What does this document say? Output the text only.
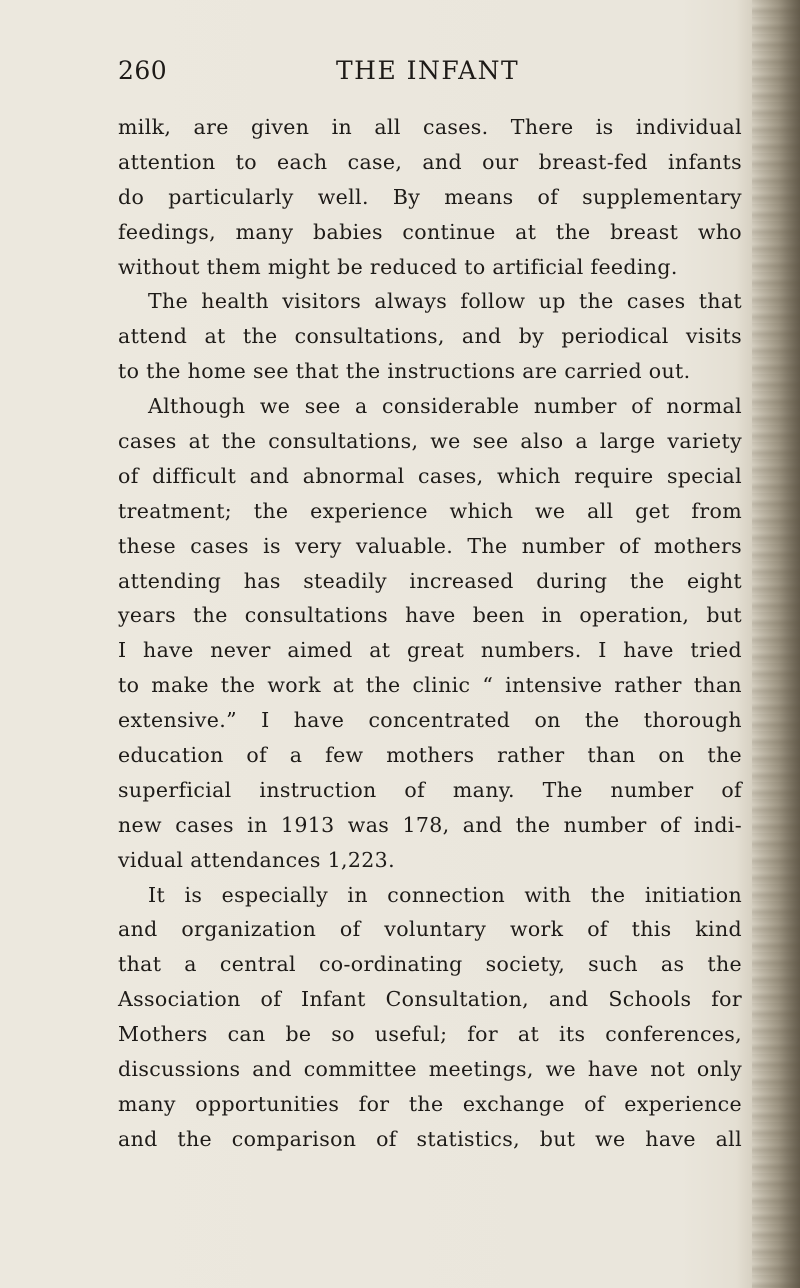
260	THE INFANT
milk, are given in all cases. There is individual
attention to each case, and our breast-fed infants
do particularly well. By means of supplementary
feedings, many babies continue at the breast who
without them might be reduced to artificial feeding.
The health visitors always follow up the cases that
attend at the consultations, and by periodical visits
to the home see that the instructions are carried out.
Although we see a considerable number of normal
cases at the consultations, we see also a large variety
of difficult and abnormal cases, which require special
treatment; the experience which we all get from
these cases is very valuable. The number of mothers
attending has steadily increased during the eight
years the consultations have been in operation, but
I have never aimed at great numbers. I have tried
to make the work at the clinic “ intensive rather than
extensive.” I have concentrated on the thorough
education of a few mothers rather than on the
superficial instruction of many. The number of
new cases in 1913 was 178, and the number of indi-
vidual attendances 1,223.
It is especially in connection with the initiation
and organization of voluntary work of this kind
that a central co-ordinating society, such as the
Association of Infant Consultation, and Schools for
Mothers can be so useful; for at its conferences,
discussions and committee meetings, we have not only
many opportunities for the exchange of experience
and the comparison of statistics, but we have all
